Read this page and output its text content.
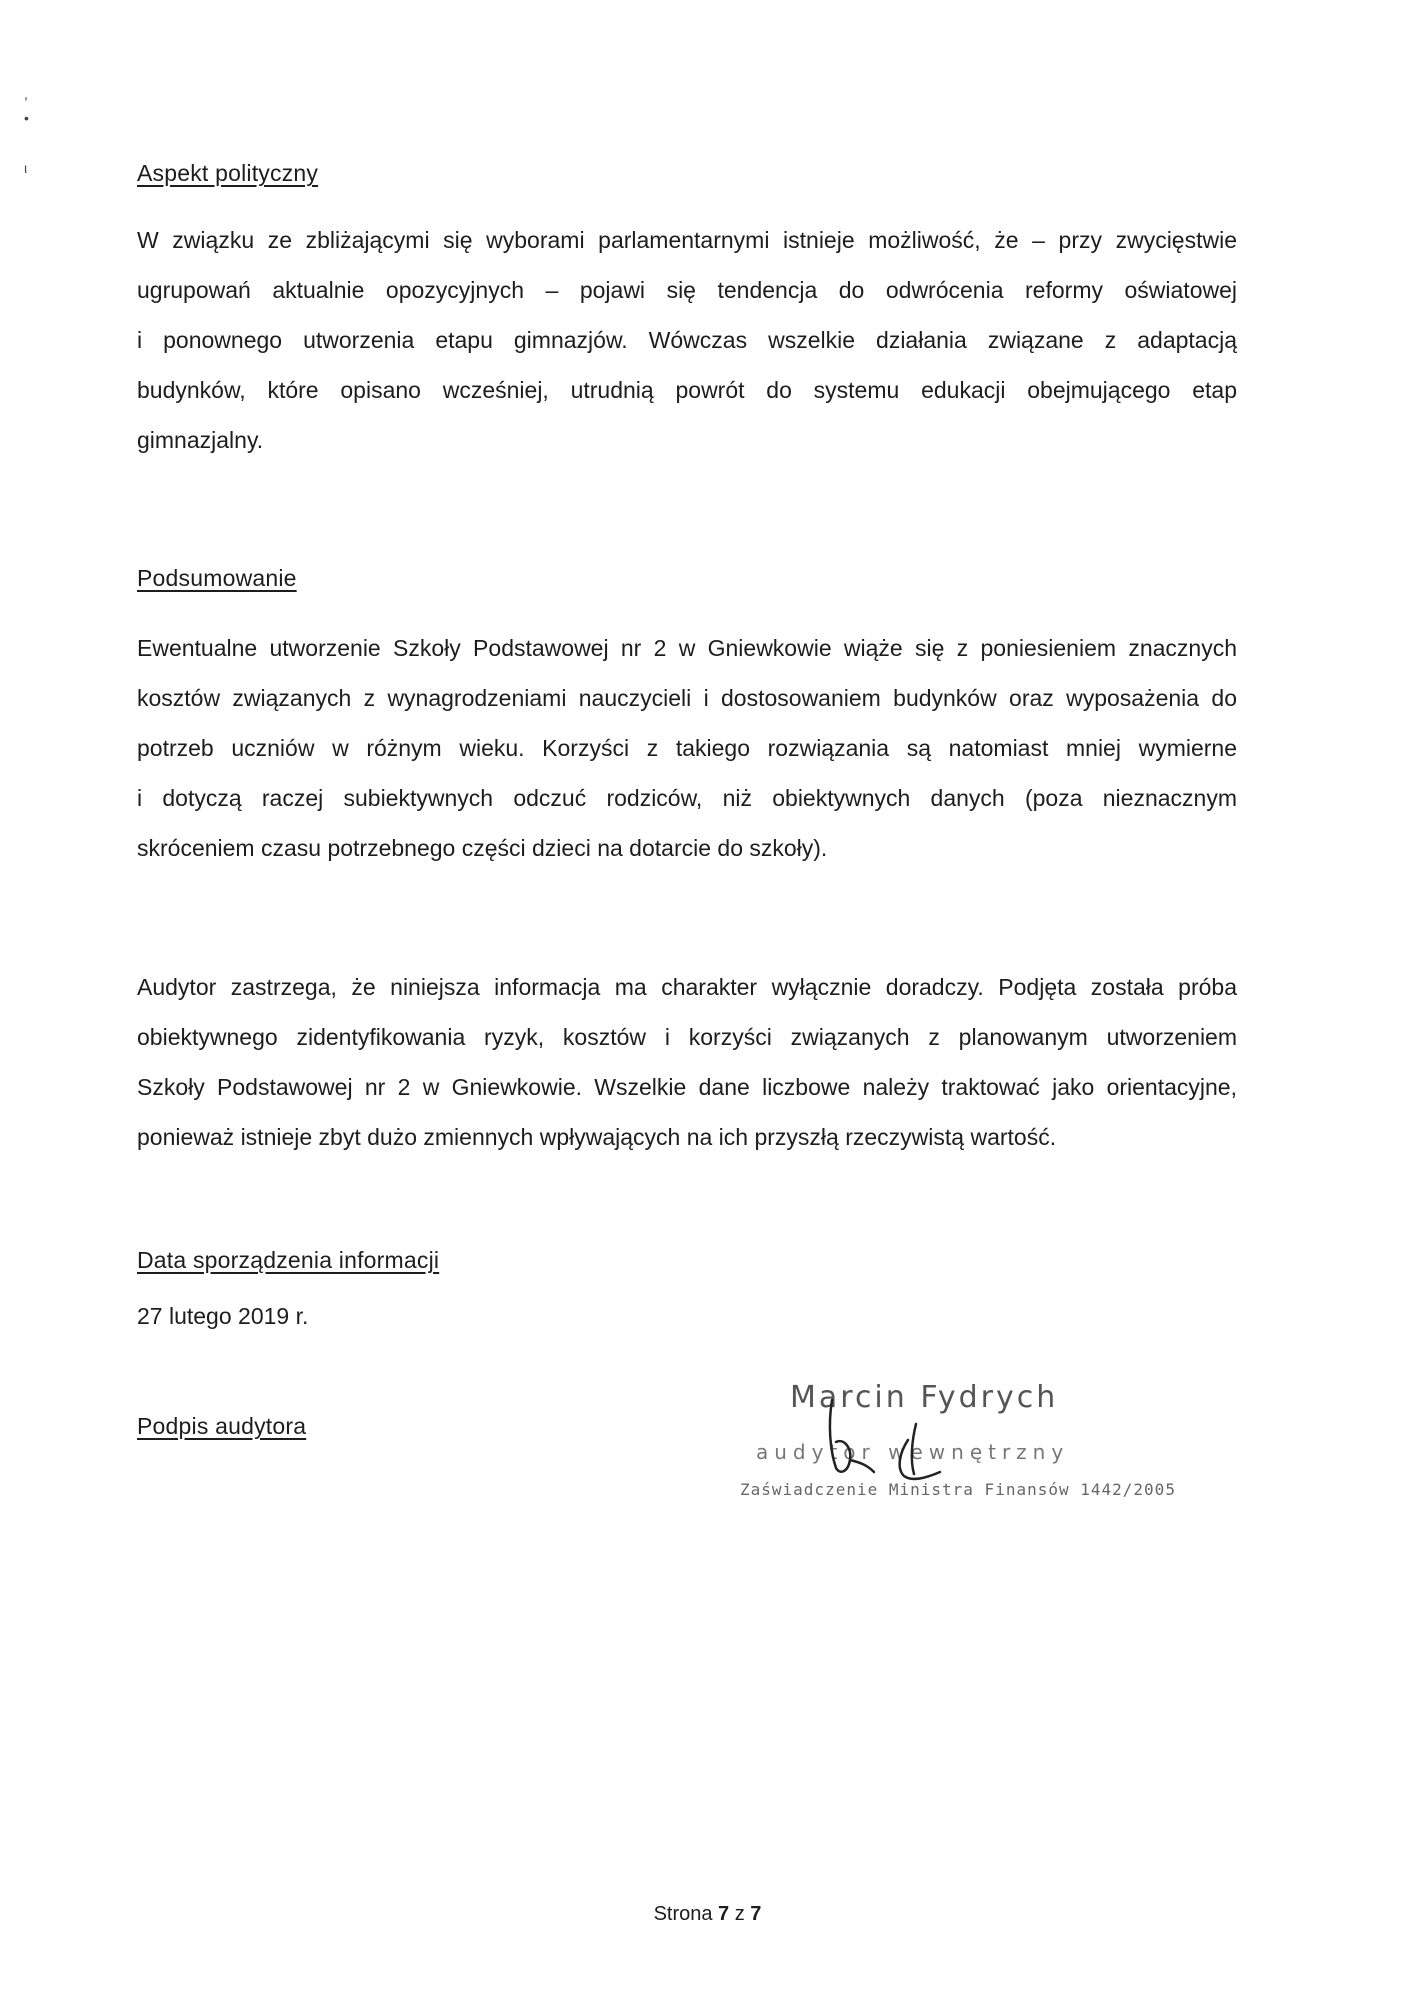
,
•
ι	Aspekt polityczny
W związku ze zbliżającymi się wyborami parlamentarnymi istnieje możliwość, że – przy zwycięstwie
ugrupowań aktualnie opozycyjnych – pojawi się tendencja do odwrócenia reformy oświatowej
i ponownego utworzenia etapu gimnazjów. Wówczas wszelkie działania związane z adaptacją
budynków, które opisano wcześniej, utrudnią powrót do systemu edukacji obejmującego etap
gimnazjalny.
Podsumowanie
Ewentualne utworzenie Szkoły Podstawowej nr 2 w Gniewkowie wiąże się z poniesieniem znacznych
kosztów związanych z wynagrodzeniami nauczycieli i dostosowaniem budynków oraz wyposażenia do
potrzeb uczniów w różnym wieku. Korzyści z takiego rozwiązania są natomiast mniej wymierne
i dotyczą raczej subiektywnych odczuć rodziców, niż obiektywnych danych (poza nieznacznym
skróceniem czasu potrzebnego części dzieci na dotarcie do szkoły).
Audytor zastrzega, że niniejsza informacja ma charakter wyłącznie doradczy. Podjęta została próba
obiektywnego zidentyfikowania ryzyk, kosztów i korzyści związanych z planowanym utworzeniem
Szkoły Podstawowej nr 2 w Gniewkowie. Wszelkie dane liczbowe należy traktować jako orientacyjne,
ponieważ istnieje zbyt dużo zmiennych wpływających na ich przyszłą rzeczywistą wartość.
Data sporządzenia informacji
27 lutego 2019 r.
Podpis audytora
Marcin Fydrych
audytor wewnętrzny
Zaświadczenie Ministra Finansów 1442/2005
Strona 7 z 7
